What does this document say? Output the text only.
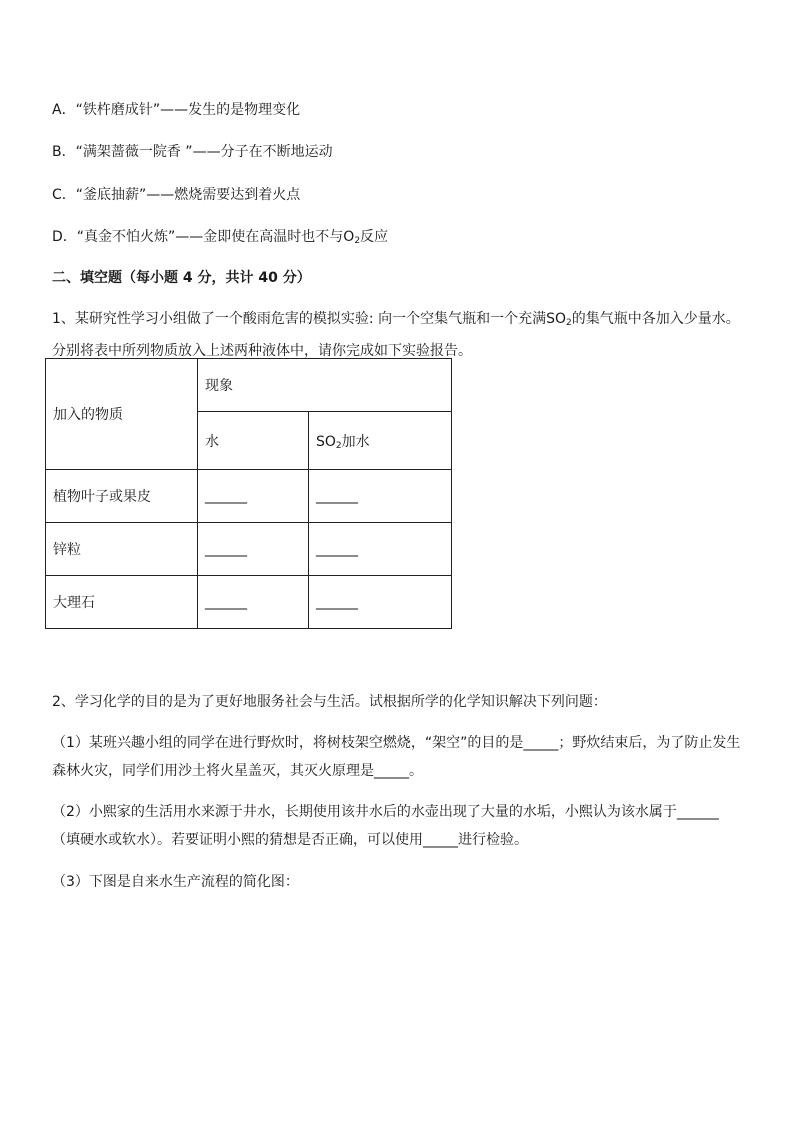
A．“铁杵磨成针”——发生的是物理变化
B．“满架蔷薇一院香 ”——分子在不断地运动
C．“釜底抽薪”——燃烧需要达到着火点
D．“真金不怕火炼”——金即使在高温时也不与$O_2$反应
二、填空题（每小题 4 分，共计 40 分）
1、某研究性学习小组做了一个酸雨危害的模拟实验: 向一个空集气瓶和一个充满$SO_2$的集气瓶中各加入少量水。分别将表中所列物质放入上述两种液体中，请你完成如下实验报告。
加入的物质	现象	
	水	$SO_2$加水
植物叶子或果皮	______	______
锌粒	______	______
大理石	______	______
2、学习化学的目的是为了更好地服务社会与生活。试根据所学的化学知识解决下列问题：
（1）某班兴趣小组的同学在进行野炊时，将树枝架空燃烧，“架空”的目的是_____；野炊结束后，为了防止发生森林火灾，同学们用沙土将火星盖灭，其灭火原理是_____。
（2）小熙家的生活用水来源于井水，长期使用该井水后的水壶出现了大量的水垢，小熙认为该水属于______（填硬水或软水）。若要证明小熙的猜想是否正确，可以使用_____进行检验。
（3）下图是自来水生产流程的简化图：
